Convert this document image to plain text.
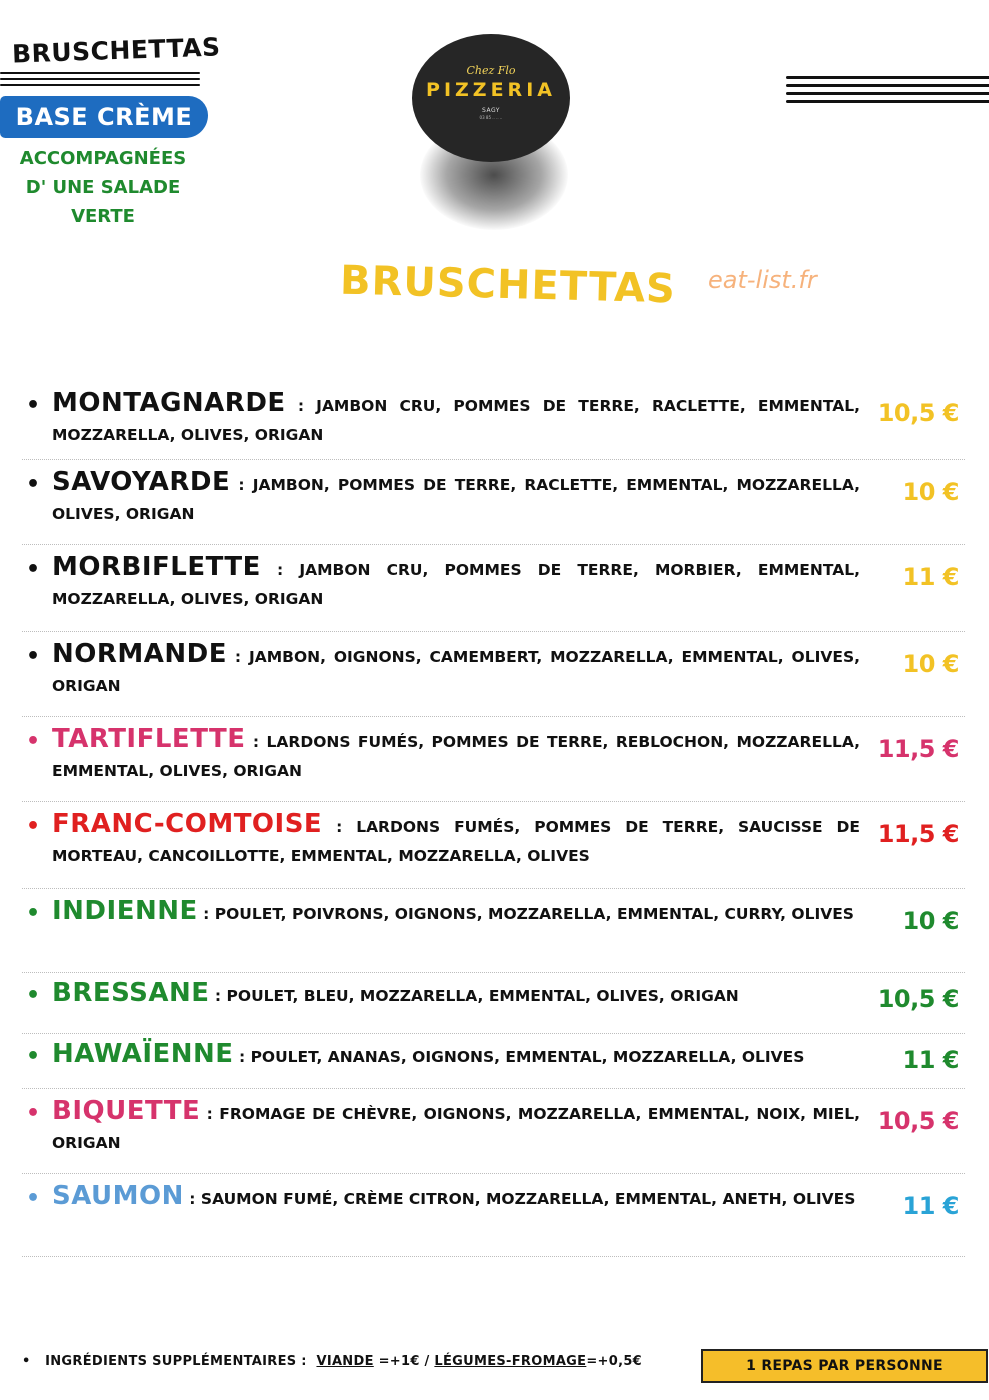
BRUSCHETTAS
BASE CRÈME
ACCOMPAGNÉES
D' UNE SALADE VERTE
Chez Flo
PIZZERIA
SAGY
03 85 .. .. ..
BRUSCHETTAS eat-list.fr
• MONTAGNARDE : JAMBON CRU, POMMES DE TERRE, RACLETTE, EMMENTAL, MOZZARELLA, OLIVES, ORIGAN
10,5 €
• SAVOYARDE : JAMBON, POMMES DE TERRE, RACLETTE, EMMENTAL, MOZZARELLA, OLIVES, ORIGAN
10 €
• MORBIFLETTE : JAMBON CRU, POMMES DE TERRE, MORBIER, EMMENTAL, MOZZARELLA, OLIVES, ORIGAN
11 €
• NORMANDE : JAMBON, OIGNONS, CAMEMBERT, MOZZARELLA, EMMENTAL, OLIVES, ORIGAN
10 €
• TARTIFLETTE : LARDONS FUMÉS, POMMES DE TERRE, REBLOCHON, MOZZARELLA, EMMENTAL, OLIVES, ORIGAN
11,5 €
• FRANC-COMTOISE : LARDONS FUMÉS, POMMES DE TERRE, SAUCISSE DE MORTEAU, CANCOILLOTTE, EMMENTAL, MOZZARELLA, OLIVES
11,5 €
• INDIENNE : POULET, POIVRONS, OIGNONS, MOZZARELLA, EMMENTAL, CURRY, OLIVES 10 €
• BRESSANE : POULET, BLEU, MOZZARELLA, EMMENTAL, OLIVES, ORIGAN	10,5 €
• HAWAÏENNE : POULET, ANANAS, OIGNONS, EMMENTAL, MOZZARELLA, OLIVES	11 €
• BIQUETTE : FROMAGE DE CHÈVRE, OIGNONS, MOZZARELLA, EMMENTAL, NOIX, MIEL, ORIGAN
10,5 €
• SAUMON : SAUMON FUMÉ, CRÈME CITRON, MOZZARELLA, EMMENTAL, ANETH, OLIVES 11 €
•   INGRÉDIENTS SUPPLÉMENTAIRES : VIANDE =+1€ / LÉGUMES-FROMAGE=+0,5€	1 REPAS PAR PERSONNE
